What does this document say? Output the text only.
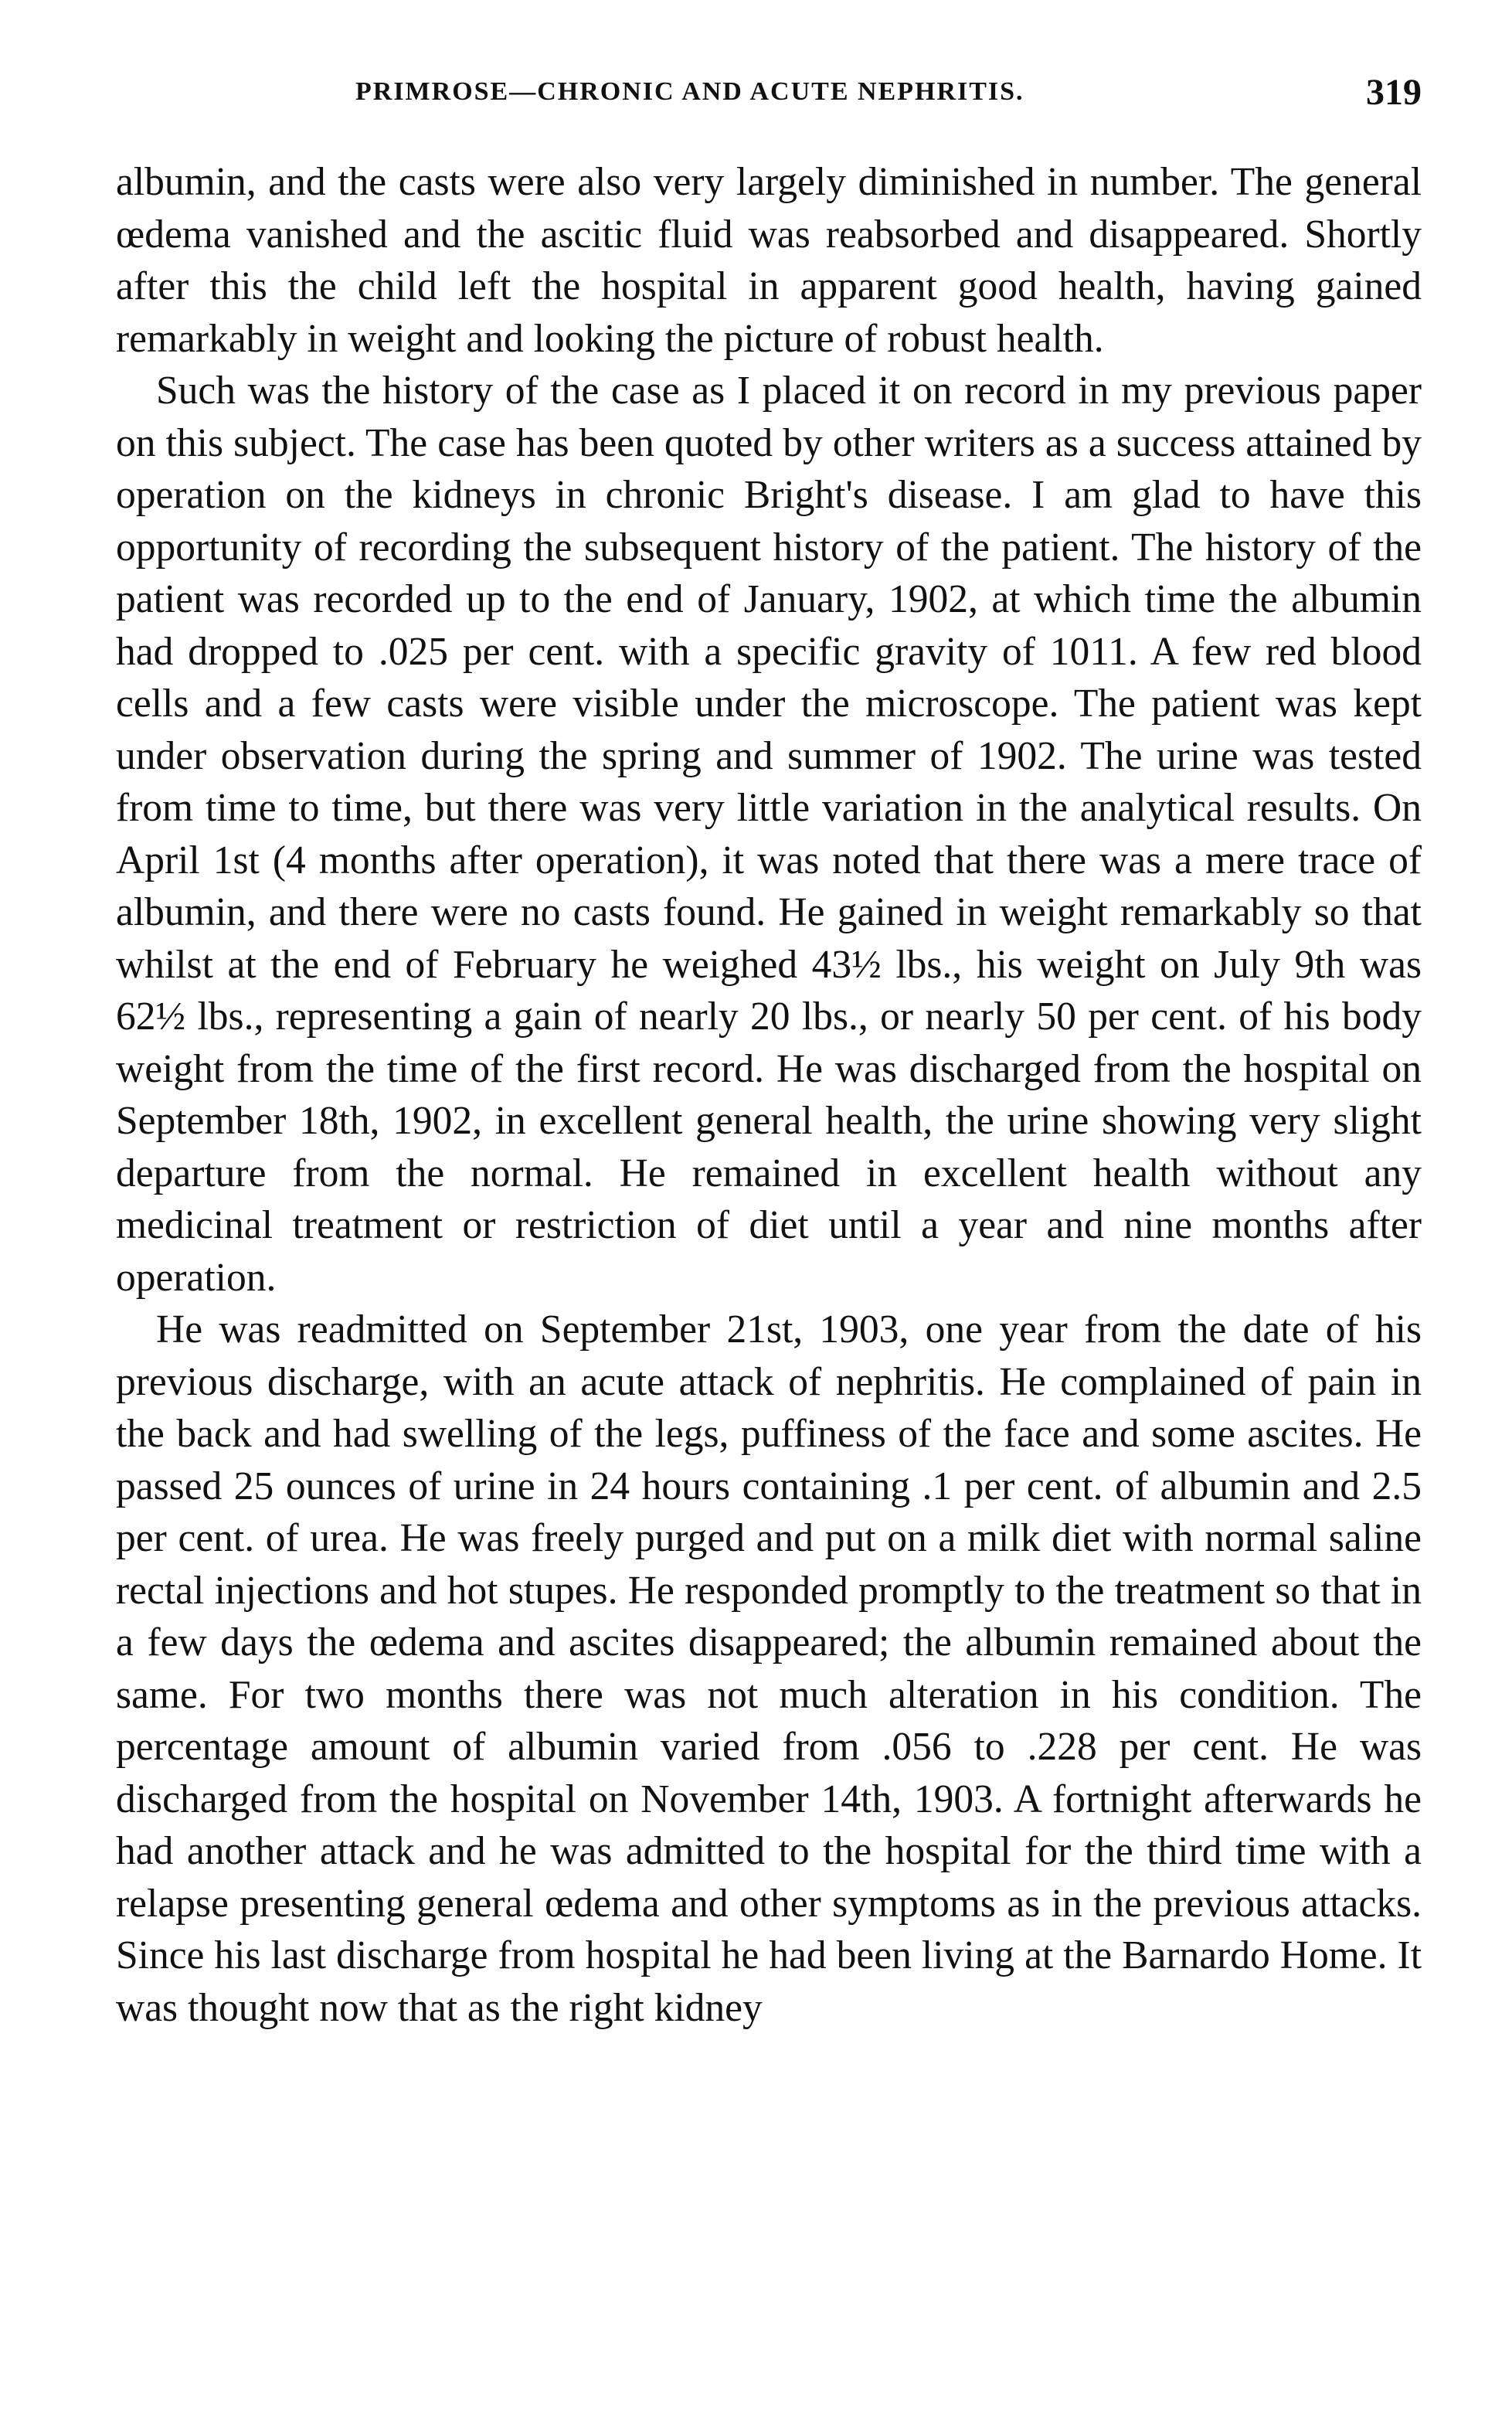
PRIMROSE—CHRONIC AND ACUTE NEPHRITIS.	319

albumin, and the casts were also very largely diminished in number. The general œdema vanished and the ascitic fluid was reabsorbed and disappeared. Shortly after this the child left the hospital in apparent good health, having gained remarkably in weight and looking the picture of robust health.

Such was the history of the case as I placed it on record in my previous paper on this subject. The case has been quoted by other writers as a success attained by operation on the kidneys in chronic Bright's disease. I am glad to have this opportunity of recording the subsequent history of the patient. The history of the patient was recorded up to the end of January, 1902, at which time the albumin had dropped to .025 per cent. with a specific gravity of 1011. A few red blood cells and a few casts were visible under the microscope. The patient was kept under observation during the spring and summer of 1902. The urine was tested from time to time, but there was very little variation in the analytical results. On April 1st (4 months after operation), it was noted that there was a mere trace of albumin, and there were no casts found. He gained in weight remarkably so that whilst at the end of February he weighed 43½ lbs., his weight on July 9th was 62½ lbs., representing a gain of nearly 20 lbs., or nearly 50 per cent. of his body weight from the time of the first record. He was discharged from the hospital on September 18th, 1902, in excellent general health, the urine showing very slight departure from the normal. He remained in excellent health without any medicinal treatment or restriction of diet until a year and nine months after operation.

He was readmitted on September 21st, 1903, one year from the date of his previous discharge, with an acute attack of nephritis. He complained of pain in the back and had swelling of the legs, puffiness of the face and some ascites. He passed 25 ounces of urine in 24 hours containing .1 per cent. of albumin and 2.5 per cent. of urea. He was freely purged and put on a milk diet with normal saline rectal injections and hot stupes. He responded promptly to the treatment so that in a few days the œdema and ascites disappeared; the albumin remained about the same. For two months there was not much alteration in his condition. The percentage amount of albumin varied from .056 to .228 per cent. He was discharged from the hospital on November 14th, 1903. A fortnight afterwards he had another attack and he was admitted to the hospital for the third time with a relapse presenting general œdema and other symptoms as in the previous attacks. Since his last discharge from hospital he had been living at the Barnardo Home. It was thought now that as the right kidney
